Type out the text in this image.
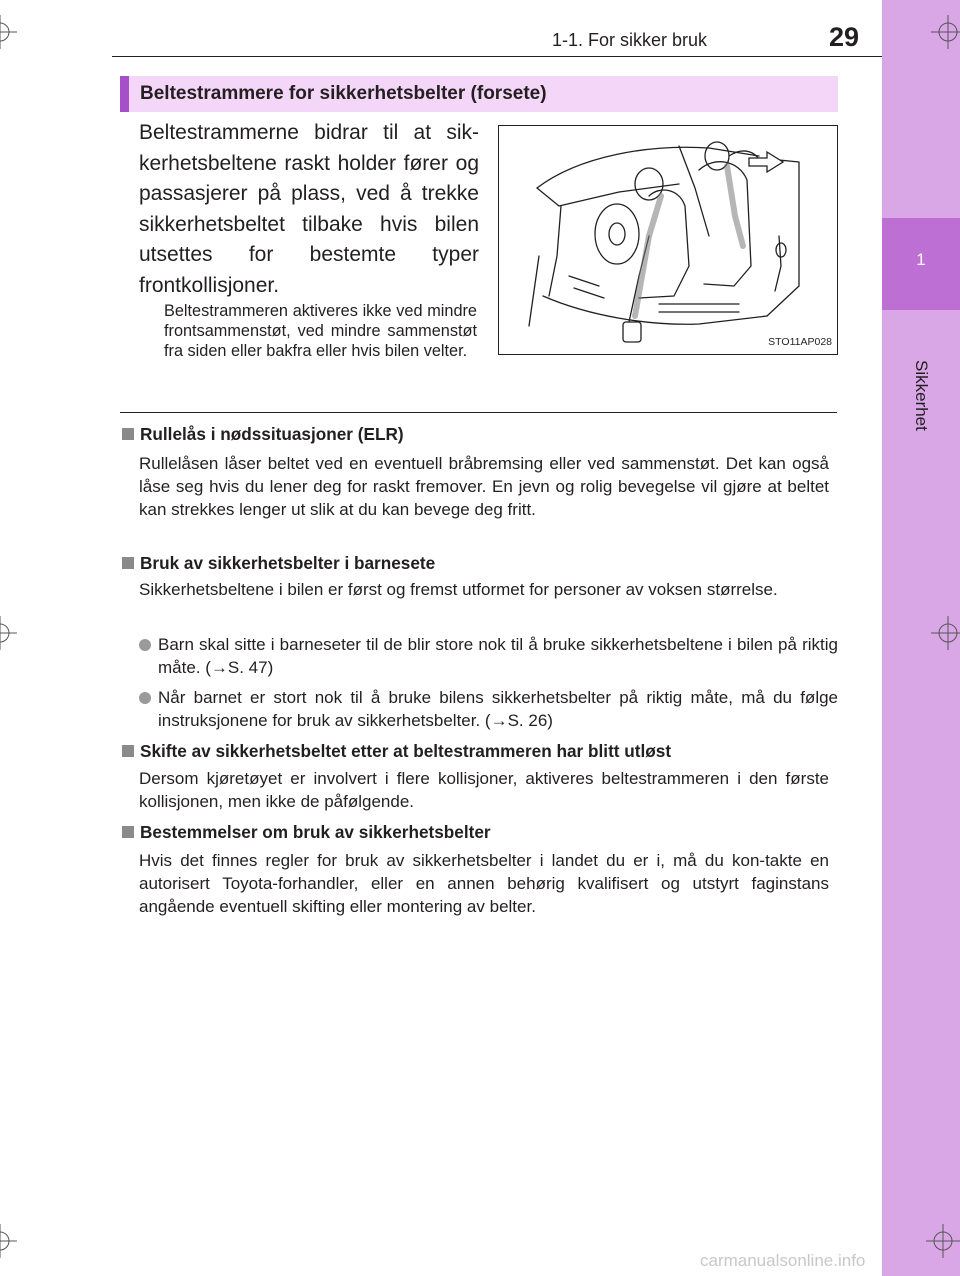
1
Sikkerhet
1-1. For sikker bruk	29
Beltestrammere for sikkerhetsbelter (forsete)
Beltestrammerne bidrar til at sik-kerhetsbeltene raskt holder fører og passasjerer på plass, ved å trekke sikkerhetsbeltet tilbake hvis bilen utsettes for bestemte typer frontkollisjoner.
Beltestrammeren aktiveres ikke ved mindre frontsammenstøt, ved mindre sammenstøt fra siden eller bakfra eller hvis bilen velter.	STO11AP028
Rullelås i nødssituasjoner (ELR)
Rullelåsen låser beltet ved en eventuell bråbremsing eller ved sammenstøt. Det kan også låse seg hvis du lener deg for raskt fremover. En jevn og rolig bevegelse vil gjøre at beltet kan strekkes lenger ut slik at du kan bevege deg fritt.
Bruk av sikkerhetsbelter i barnesete
Sikkerhetsbeltene i bilen er først og fremst utformet for personer av voksen størrelse.
Barn skal sitte i barneseter til de blir store nok til å bruke sikkerhetsbeltene i bilen på riktig måte. (→S. 47)
Når barnet er stort nok til å bruke bilens sikkerhetsbelter på riktig måte, må du følge instruksjonene for bruk av sikkerhetsbelter. (→S. 26)
Skifte av sikkerhetsbeltet etter at beltestrammeren har blitt utløst
Dersom kjøretøyet er involvert i flere kollisjoner, aktiveres beltestrammeren i den første kollisjonen, men ikke de påfølgende.
Bestemmelser om bruk av sikkerhetsbelter
Hvis det finnes regler for bruk av sikkerhetsbelter i landet du er i, må du kon-takte en autorisert Toyota-forhandler, eller en annen behørig kvalifisert og utstyrt faginstans angående eventuell skifting eller montering av belter.
carmanualsonline.info
